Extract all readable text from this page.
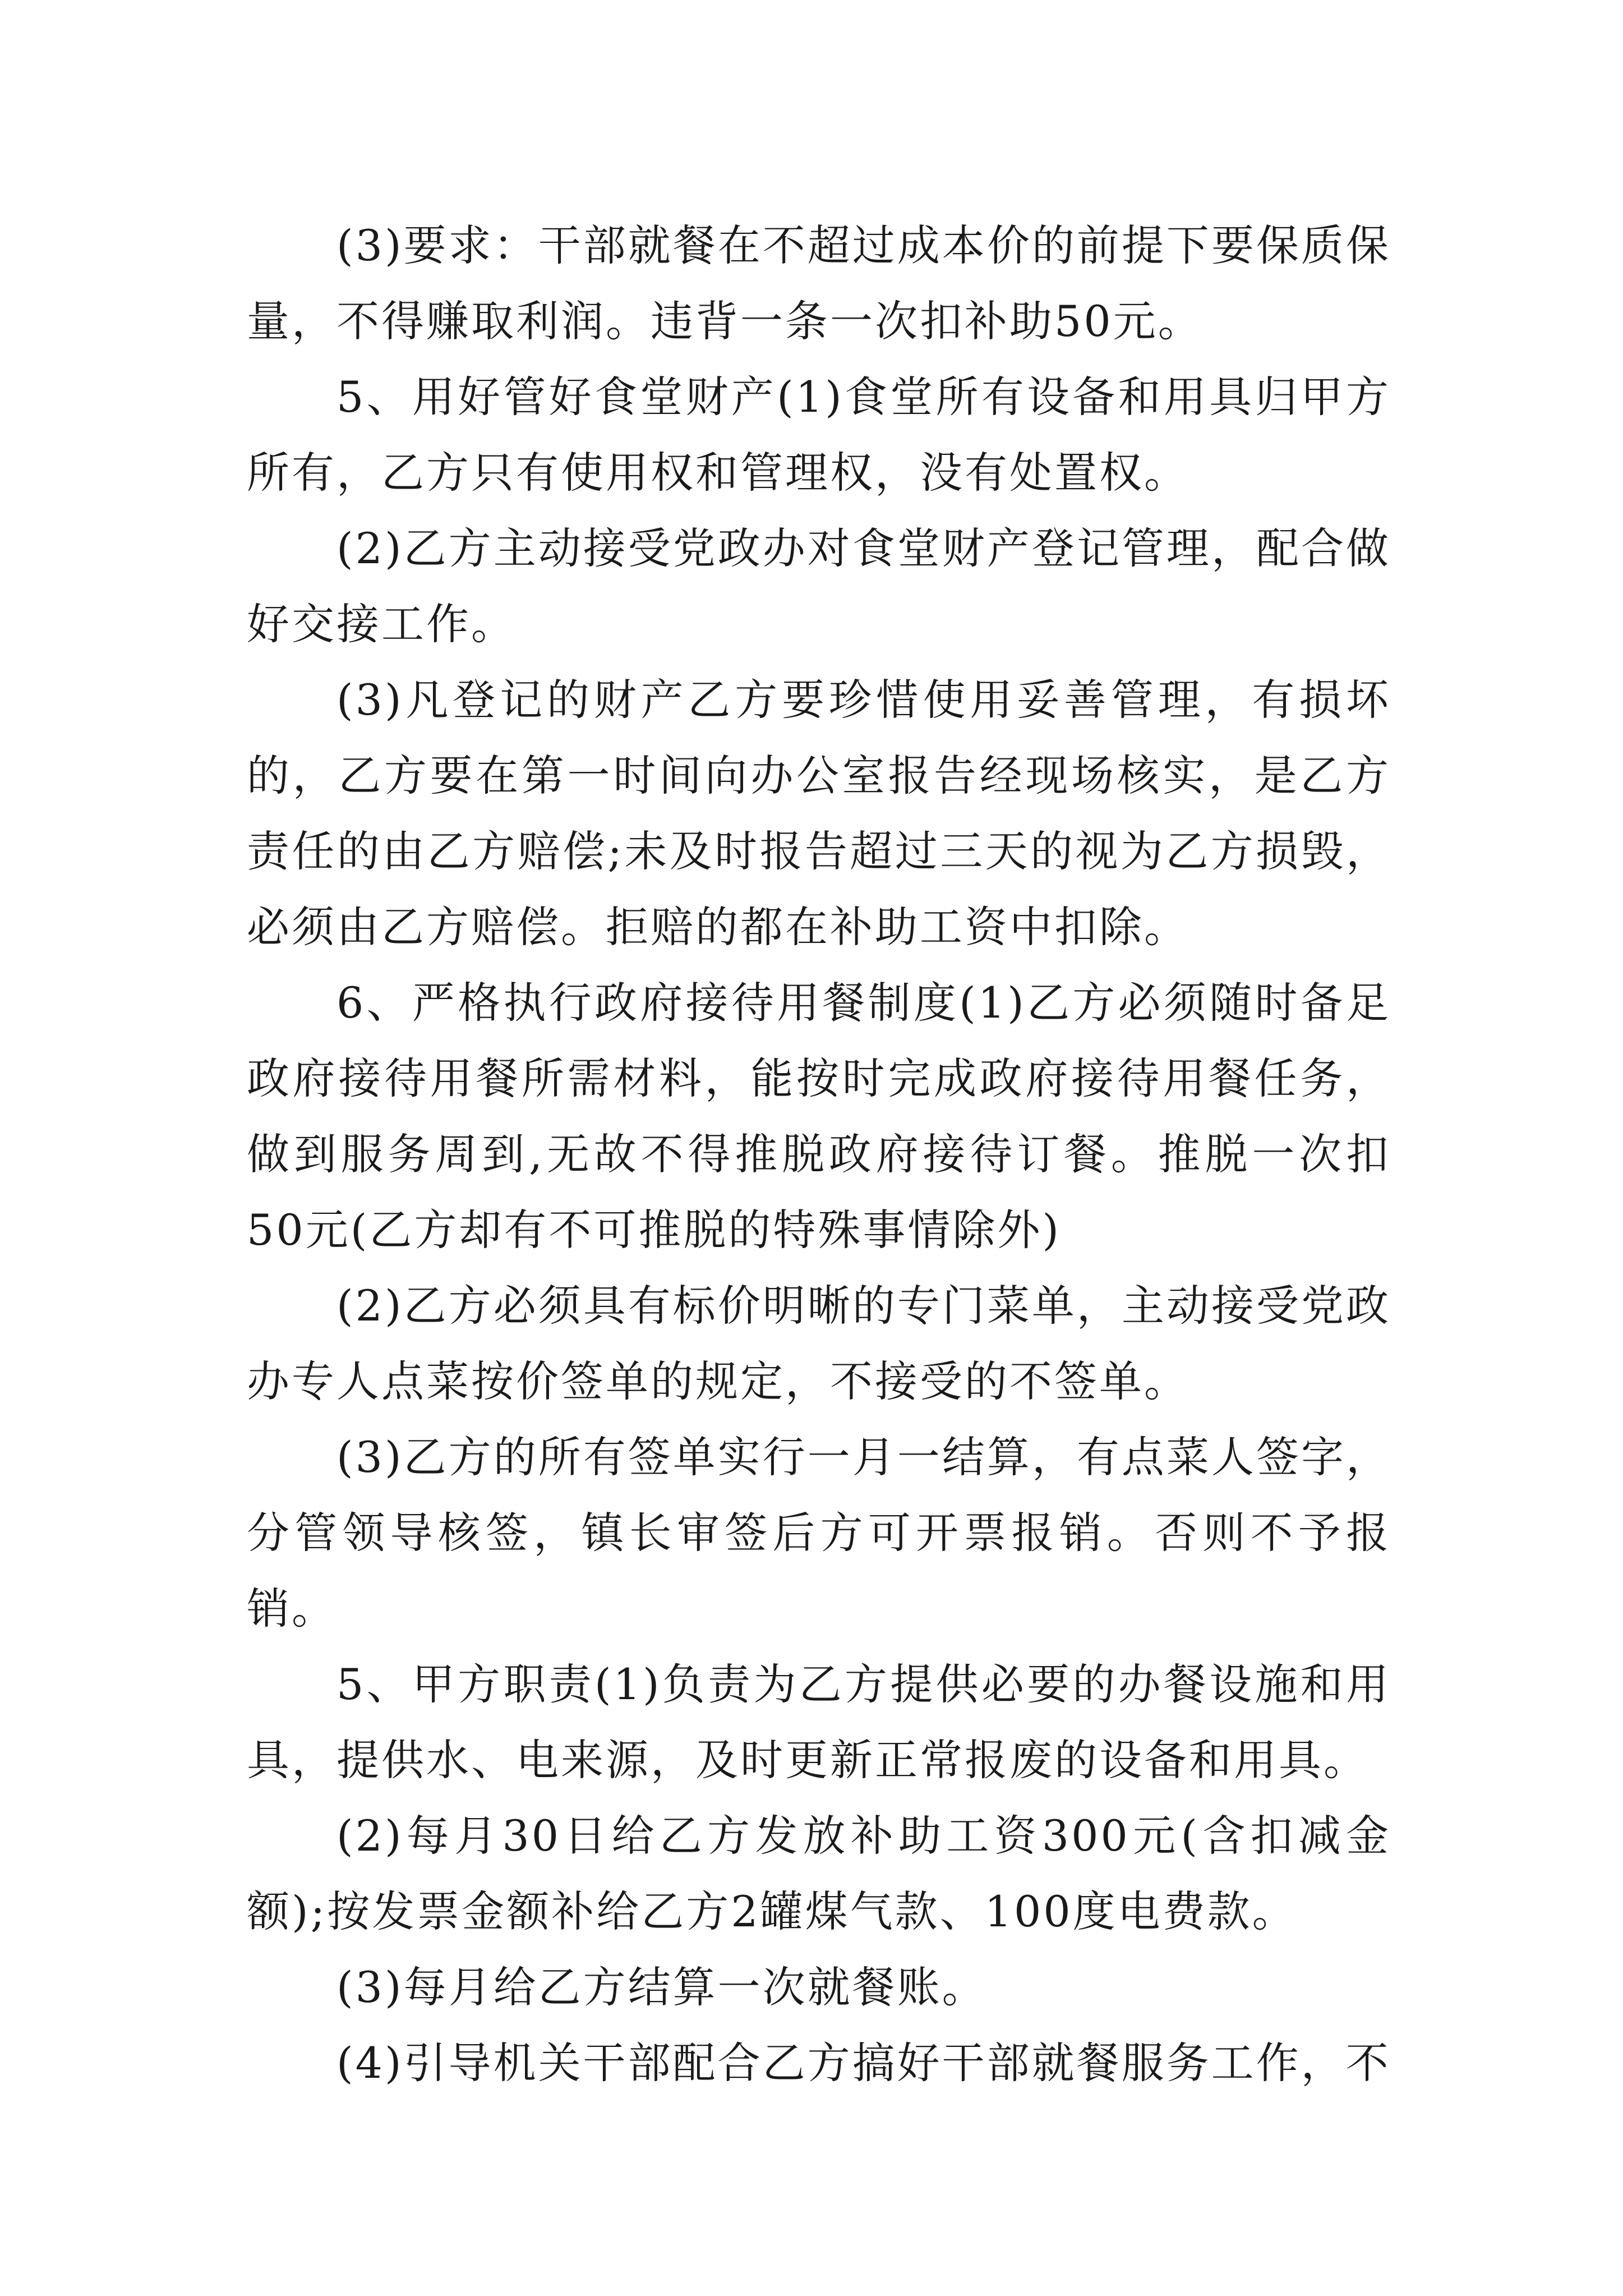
(3)要求：干部就餐在不超过成本价的前提下要保质保量，不得赚取利润。违背一条一次扣补助50元。

5、用好管好食堂财产(1)食堂所有设备和用具归甲方所有，乙方只有使用权和管理权，没有处置权。

(2)乙方主动接受党政办对食堂财产登记管理，配合做好交接工作。

(3)凡登记的财产乙方要珍惜使用妥善管理，有损坏的，乙方要在第一时间向办公室报告经现场核实，是乙方责任的由乙方赔偿;未及时报告超过三天的视为乙方损毁，必须由乙方赔偿。拒赔的都在补助工资中扣除。

6、严格执行政府接待用餐制度(1)乙方必须随时备足政府接待用餐所需材料，能按时完成政府接待用餐任务，做到服务周到,无故不得推脱政府接待订餐。推脱一次扣50元(乙方却有不可推脱的特殊事情除外)

(2)乙方必须具有标价明晰的专门菜单，主动接受党政办专人点菜按价签单的规定，不接受的不签单。

(3)乙方的所有签单实行一月一结算，有点菜人签字，分管领导核签，镇长审签后方可开票报销。否则不予报销。

5、甲方职责(1)负责为乙方提供必要的办餐设施和用具，提供水、电来源，及时更新正常报废的设备和用具。

(2)每月30日给乙方发放补助工资300元(含扣减金额);按发票金额补给乙方2罐煤气款、100度电费款。

(3)每月给乙方结算一次就餐账。

(4)引导机关干部配合乙方搞好干部就餐服务工作，不
